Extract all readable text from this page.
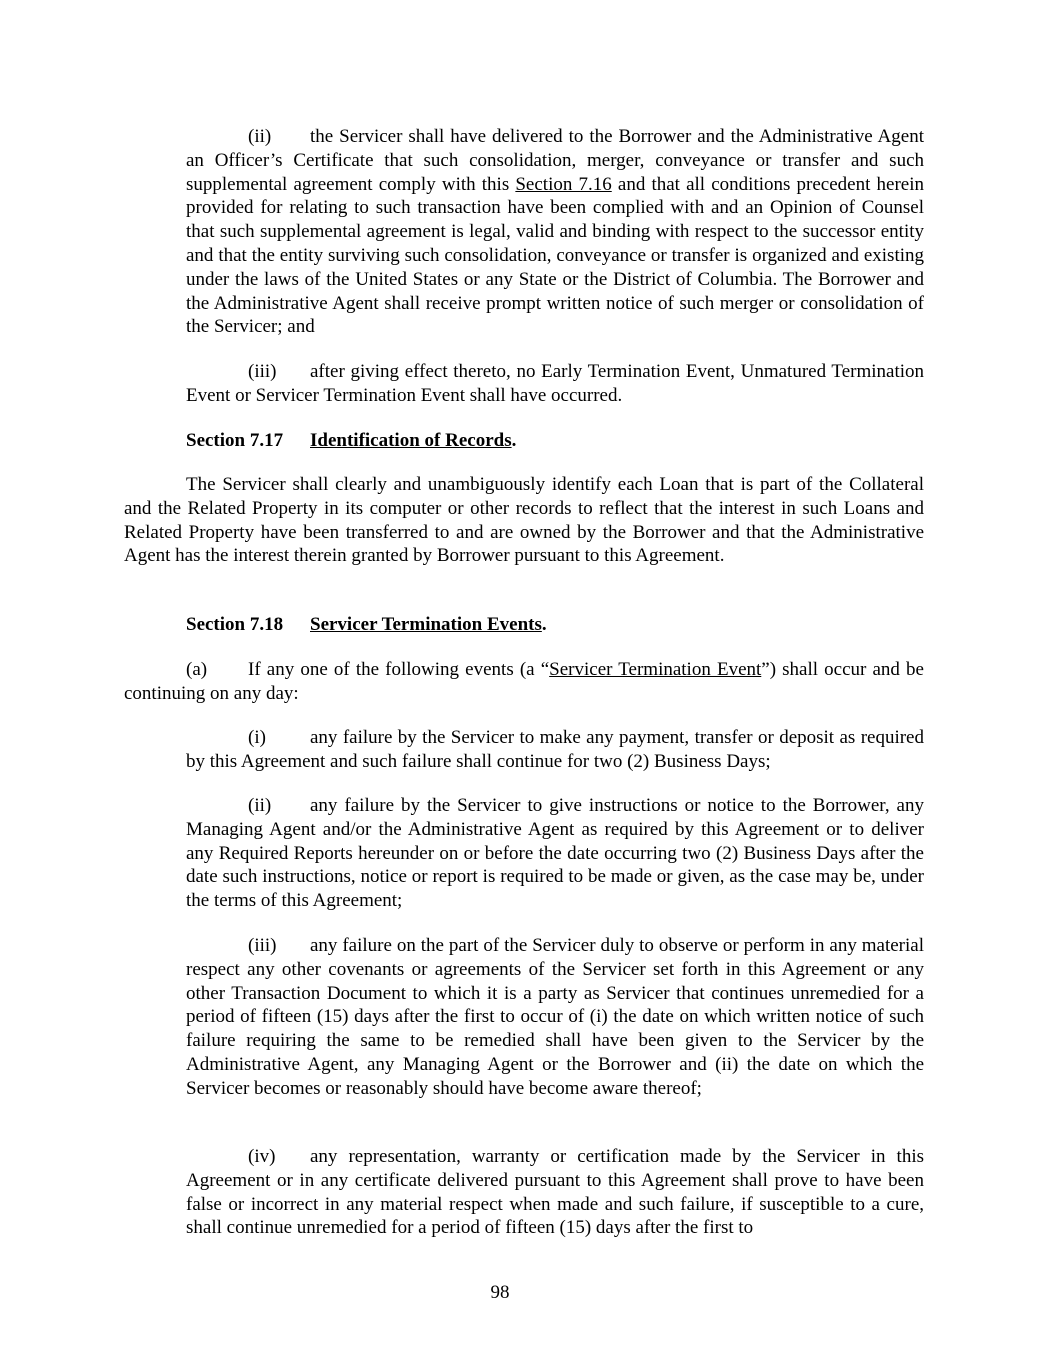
(ii) the Servicer shall have delivered to the Borrower and the Administrative Agent an Officer’s Certificate that such consolidation, merger, conveyance or transfer and such supplemental agreement comply with this Section 7.16 and that all conditions precedent herein provided for relating to such transaction have been complied with and an Opinion of Counsel that such supplemental agreement is legal, valid and binding with respect to the successor entity and that the entity surviving such consolidation, conveyance or transfer is organized and existing under the laws of the United States or any State or the District of Columbia. The Borrower and the Administrative Agent shall receive prompt written notice of such merger or consolidation of the Servicer; and

(iii) after giving effect thereto, no Early Termination Event, Unmatured Termination Event or Servicer Termination Event shall have occurred.

Section 7.17 Identification of Records.

The Servicer shall clearly and unambiguously identify each Loan that is part of the Collateral and the Related Property in its computer or other records to reflect that the interest in such Loans and Related Property have been transferred to and are owned by the Borrower and that the Administrative Agent has the interest therein granted by Borrower pursuant to this Agreement.

Section 7.18 Servicer Termination Events.

(a) If any one of the following events (a “Servicer Termination Event”) shall occur and be continuing on any day:

(i) any failure by the Servicer to make any payment, transfer or deposit as required by this Agreement and such failure shall continue for two (2) Business Days;

(ii) any failure by the Servicer to give instructions or notice to the Borrower, any Managing Agent and/or the Administrative Agent as required by this Agreement or to deliver any Required Reports hereunder on or before the date occurring two (2) Business Days after the date such instructions, notice or report is required to be made or given, as the case may be, under the terms of this Agreement;

(iii) any failure on the part of the Servicer duly to observe or perform in any material respect any other covenants or agreements of the Servicer set forth in this Agreement or any other Transaction Document to which it is a party as Servicer that continues unremedied for a period of fifteen (15) days after the first to occur of (i) the date on which written notice of such failure requiring the same to be remedied shall have been given to the Servicer by the Administrative Agent, any Managing Agent or the Borrower and (ii) the date on which the Servicer becomes or reasonably should have become aware thereof;

(iv) any representation, warranty or certification made by the Servicer in this Agreement or in any certificate delivered pursuant to this Agreement shall prove to have been false or incorrect in any material respect when made and such failure, if susceptible to a cure, shall continue unremedied for a period of fifteen (15) days after the first to

98
